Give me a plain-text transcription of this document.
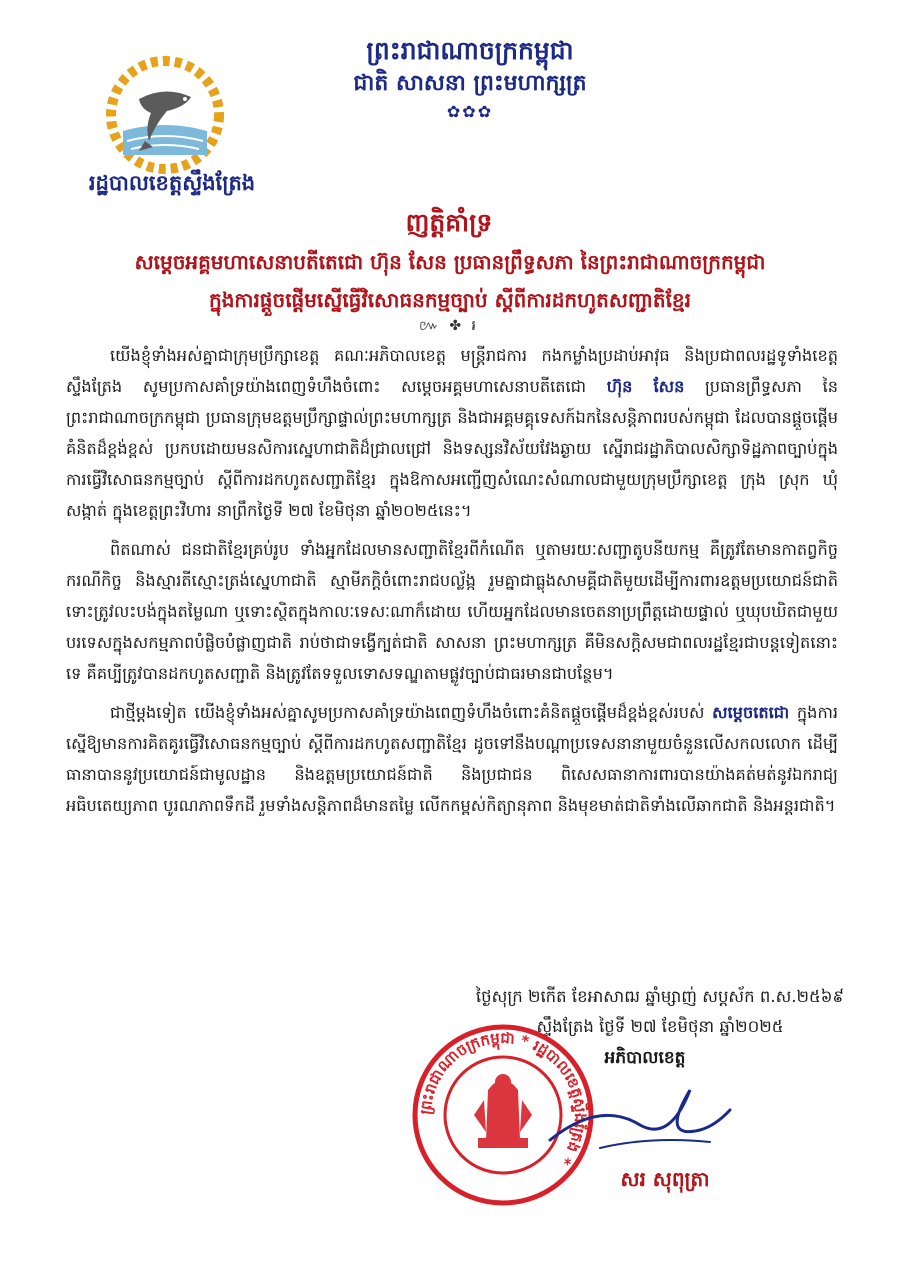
ព្រះរាជាណាចក្រកម្ពុជា
ជាតិ សាសនា ព្រះមហាក្សត្រ
✿✿✿
រដ្ឋបាលខេត្តស្ទឹងត្រែង
ញត្តិគាំទ្រ
សម្ដេចអគ្គមហាសេនាបតីតេជោ ហ៊ុន សែន ប្រធានព្រឹទ្ធសភា នៃព្រះរាជាណាចក្រកម្ពុជា
ក្នុងការផ្ដួចផ្ដើមស្នើធ្វើវិសោធនកម្មច្បាប់ ស្ដីពីការដកហូតសញ្ជាតិខ្មែរ
៚ ✤ ៛

យើងខ្ញុំទាំងអស់គ្នាជាក្រុមប្រឹក្សាខេត្ត គណៈអភិបាលខេត្ត មន្ត្រីរាជការ កងកម្លាំងប្រដាប់អាវុធ និងប្រជាពលរដ្ឋទូទាំងខេត្តស្ទឹងត្រែង សូមប្រកាសគាំទ្រយ៉ាងពេញទំហឹងចំពោះ សម្ដេចអគ្គមហាសេនាបតីតេជោ ហ៊ុន សែន ប្រធានព្រឹទ្ធសភា នៃព្រះរាជាណាចក្រកម្ពុជា ប្រធានក្រុមឧត្ដមប្រឹក្សាផ្ទាល់ព្រះមហាក្សត្រ និងជាអគ្គមគ្គុទេសក៍ឯកនៃសន្តិភាពរបស់កម្ពុជា ដែលបានផ្ដួចផ្ដើមគំនិតដ៏ខ្ពង់ខ្ពស់ ប្រកបដោយមនសិការស្នេហាជាតិដ៏ជ្រាលជ្រៅ និងទស្សនវិស័យវែងឆ្ងាយ ស្នើរាជរដ្ឋាភិបាលសិក្សាទិដ្ឋភាពច្បាប់ក្នុងការធ្វើវិសោធនកម្មច្បាប់ ស្ដីពីការដកហូតសញ្ជាតិខ្មែរ ក្នុងឱកាសអញ្ជើញសំណេះសំណាលជាមួយក្រុមប្រឹក្សាខេត្ត ក្រុង ស្រុក ឃុំ សង្កាត់ ក្នុងខេត្តព្រះវិហារ នាព្រឹកថ្ងៃទី ២៧ ខែមិថុនា ឆ្នាំ២០២៥នេះ។

ពិតណាស់ ជនជាតិខ្មែរគ្រប់រូប ទាំងអ្នកដែលមានសញ្ជាតិខ្មែរពីកំណើត ឬតាមរយៈសញ្ជាតូបនីយកម្ម គឺត្រូវតែមានកាតព្វកិច្ច ករណីកិច្ច និងស្មារតីស្មោះត្រង់ស្នេហាជាតិ ស្មាមីភក្ដិចំពោះរាជបល្ល័ង្ក រួមគ្នាជាធ្លុងសាមគ្គីជាតិមួយដើម្បីការពារឧត្ដមប្រយោជន៍ជាតិ ទោះត្រូវលះបង់ក្នុងតម្លៃណា ឬទោះស្ថិតក្នុងកាលៈទេសៈណាក៏ដោយ ហើយអ្នកដែលមានចេតនាប្រព្រឹត្តដោយផ្ទាល់ ឬឃុបឃិតជាមួយបរទេសក្នុងសកម្មភាពបំផ្លិចបំផ្លាញជាតិ រាប់ថាជាទង្វើក្បត់ជាតិ សាសនា ព្រះមហាក្សត្រ គឺមិនសក្តិសមជាពលរដ្ឋខ្មែរជាបន្តទៀតនោះទេ គឺគប្បីត្រូវបានដកហូតសញ្ជាតិ និងត្រូវតែទទួលទោសទណ្ឌតាមផ្លូវច្បាប់ជាធរមានជាបន្ថែម។

ជាថ្មីម្ដងទៀត យើងខ្ញុំទាំងអស់គ្នាសូមប្រកាសគាំទ្រយ៉ាងពេញទំហឹងចំពោះគំនិតផ្ដួចផ្ដើមដ៏ខ្ពង់ខ្ពស់របស់ សម្ដេចតេជោ ក្នុងការស្នើឱ្យមានការគិតគូរធ្វើវិសោធនកម្មច្បាប់ ស្ដីពីការដកហូតសញ្ជាតិខ្មែរ ដូចទៅនឹងបណ្ដាប្រទេសនានាមួយចំនួនលើសកលលោក ដើម្បីធានាបាននូវប្រយោជន៍ជាមូលដ្ឋាន និងឧត្ដមប្រយោជន៍ជាតិ និងប្រជាជន ពិសេសធានាការពារបានយ៉ាងគត់មត់នូវឯករាជ្យ អធិបតេយ្យភាព បូរណភាពទឹកដី រួមទាំងសន្តិភាពដ៏មានតម្លៃ លើកកម្ពស់កិត្យានុភាព និងមុខមាត់ជាតិទាំងលើឆាកជាតិ និងអន្តរជាតិ។

ថ្ងៃសុក្រ ២កើត ខែអាសាឍ ឆ្នាំម្សាញ់ សប្តស័ក ព.ស.២៥៦៩
ស្ទឹងត្រែង ថ្ងៃទី ២៧ ខែមិថុនា ឆ្នាំ២០២៥
ព្រះរាជាណាចក្រកម្ពុជា * រដ្ឋបាលខេត្តស្ទឹងត្រែង *
អភិបាលខេត្ត
សរ សុពុត្រា
